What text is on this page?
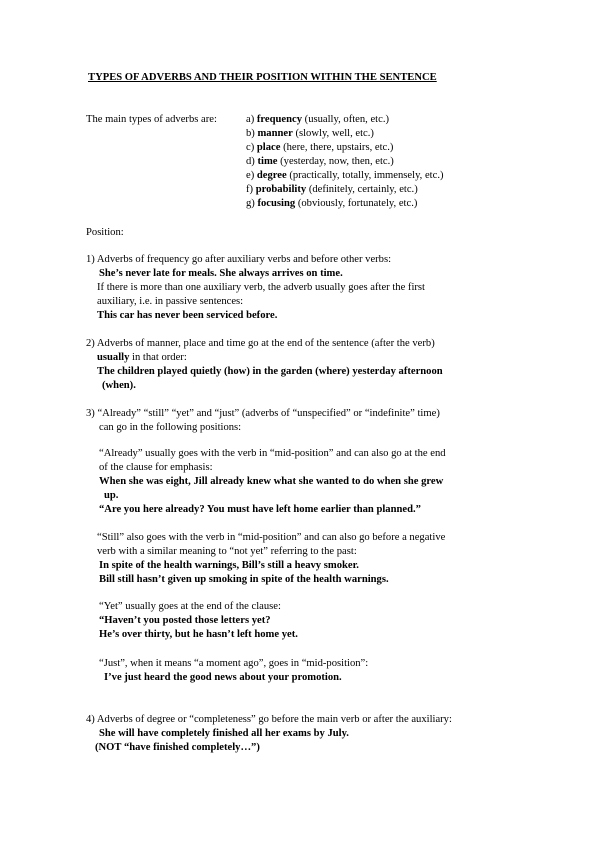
TYPES OF ADVERBS AND THEIR POSITION WITHIN THE SENTENCE
The main types of adverbs are:	a) frequency (usually, often, etc.)
b) manner (slowly, well, etc.)
c) place (here, there, upstairs, etc.)
d) time (yesterday, now, then, etc.)
e) degree (practically, totally, immensely, etc.)
f) probability (definitely, certainly, etc.)
g) focusing (obviously, fortunately, etc.)
Position:
1) Adverbs of frequency go after auxiliary verbs and before other verbs:
She’s never late for meals. She always arrives on time.
If there is more than one auxiliary verb, the adverb usually goes after the first
auxiliary, i.e. in passive sentences:
This car has never been serviced before.
2) Adverbs of manner, place and time go at the end of the sentence (after the verb)
usually in that order:
The children played quietly (how) in the garden (where) yesterday afternoon
(when).
3) “Already” “still” “yet” and “just” (adverbs of “unspecified” or “indefinite” time)
can go in the following positions:
“Already” usually goes with the verb in “mid-position” and can also go at the end
of the clause for emphasis:
When she was eight, Jill already knew what she wanted to do when she grew
up.
“Are you here already? You must have left home earlier than planned.”
“Still” also goes with the verb in “mid-position” and can also go before a negative
verb with a similar meaning to “not yet” referring to the past:
In spite of the health warnings, Bill’s still a heavy smoker.
Bill still hasn’t given up smoking in spite of the health warnings.
“Yet” usually goes at the end of the clause:
“Haven’t you posted those letters yet?
He’s over thirty, but he hasn’t left home yet.
“Just”, when it means “a moment ago”, goes in “mid-position”:
I’ve just heard the good news about your promotion.
4) Adverbs of degree or “completeness” go before the main verb or after the auxiliary:
She will have completely finished all her exams by July.
(NOT “have finished completely…”)
